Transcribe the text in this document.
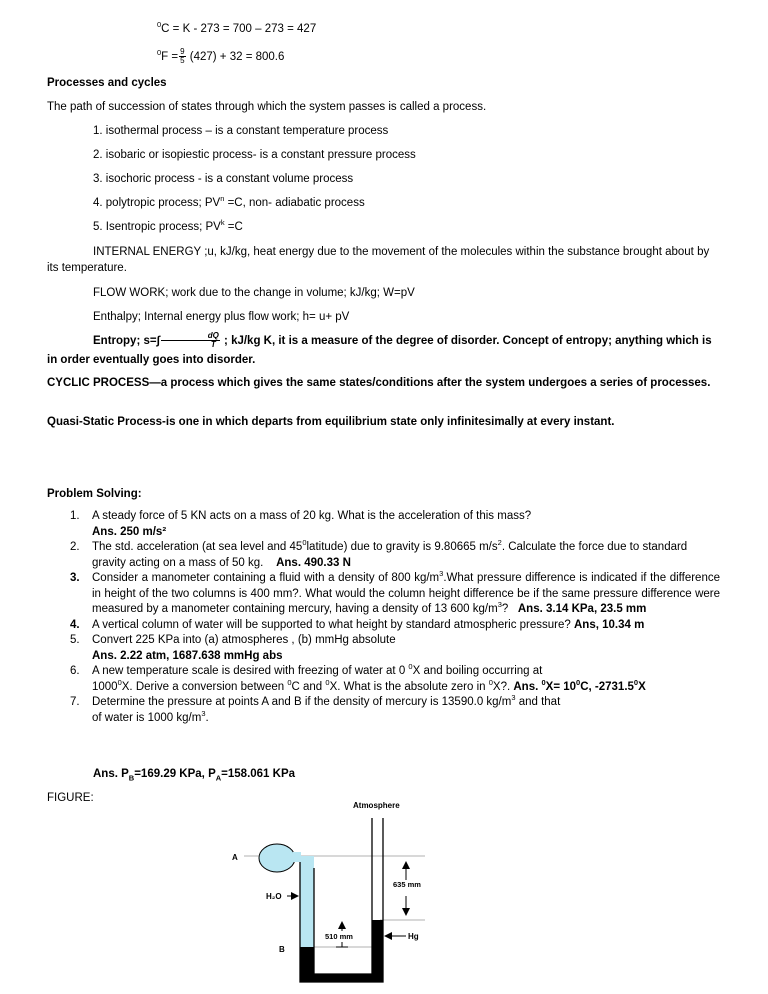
$^0$C = K - 273 = 700 – 273 = 427
$^0F = \frac{9}{5} (427) + 32 = 800.6$
Processes and cycles
The path of succession of states through which the system passes is called a process.
1. isothermal process – is a constant temperature process
2. isobaric or isopiestic process- is a constant pressure process
3. isochoric process - is a constant volume process
4. polytropic process; $PV^n =C$, non- adiabatic process
5. Isentropic process; $PV^k =C$
INTERNAL ENERGY ;u, kJ/kg, heat energy due to the movement of the molecules within the substance brought about by its temperature.
FLOW WORK; work due to the change in volume; kJ/kg; W=pV
Enthalpy; Internal energy plus flow work; h= u+ pV
Entropy; $s=\int \frac{dQ}{T}$ ; kJ/kg K, it is a measure of the degree of disorder. Concept of entropy; anything which is in order eventually goes into disorder.
CYCLIC PROCESS—a process which gives the same states/conditions after the system undergoes a series of processes.
Quasi-Static Process-is one in which departs from equilibrium state only infinitesimally at every instant.
Problem Solving:
1. A steady force of 5 KN acts on a mass of 20 kg. What is the acceleration of this mass?
Ans. 250 m/s²
2. The std. acceleration (at sea level and $45^0latitude$) due to gravity is 9.80665 $m/s^2$. Calculate the force due to standard gravity acting on a mass of 50 kg. Ans. 490.33 N
3. Consider a manometer containing a fluid with a density of 800 $kg/m^3.What$ pressure difference is indicated if the difference in height of the two columns is 400 mm?. What would the column height difference be if the same pressure difference were measured by a manometer containing mercury, having a density of 13 600 $kg/m^3$? Ans. 3.14 KPa, 23.5 mm
4. A vertical column of water will be supported to what height by standard atmospheric pressure? Ans, 10.34 m
5. Convert 225 KPa into (a) atmospheres , (b) mmHg absolute
Ans. 2.22 atm, 1687.638 mmHg abs
6. A new temperature scale is desired with freezing of water at 0 $^0$X and boiling occurring at
1000$^0$X. Derive a conversion between $^0$C and $^0$X. What is the absolute zero in $^0$X?. Ans. $^0X= 10^0C$, -2731.5$^0$X
7. Determine the pressure at points A and B if the density of mercury is 13590.0 $kg/m^3$ and that
of water is 1000 $kg/m^3$.
Ans. $P_B=169.29$ KPa, $P_A=158.061$ KPa
FIGURE:
Atmosphere
A
B
H₂O
Hg
635 mm
510 mm
